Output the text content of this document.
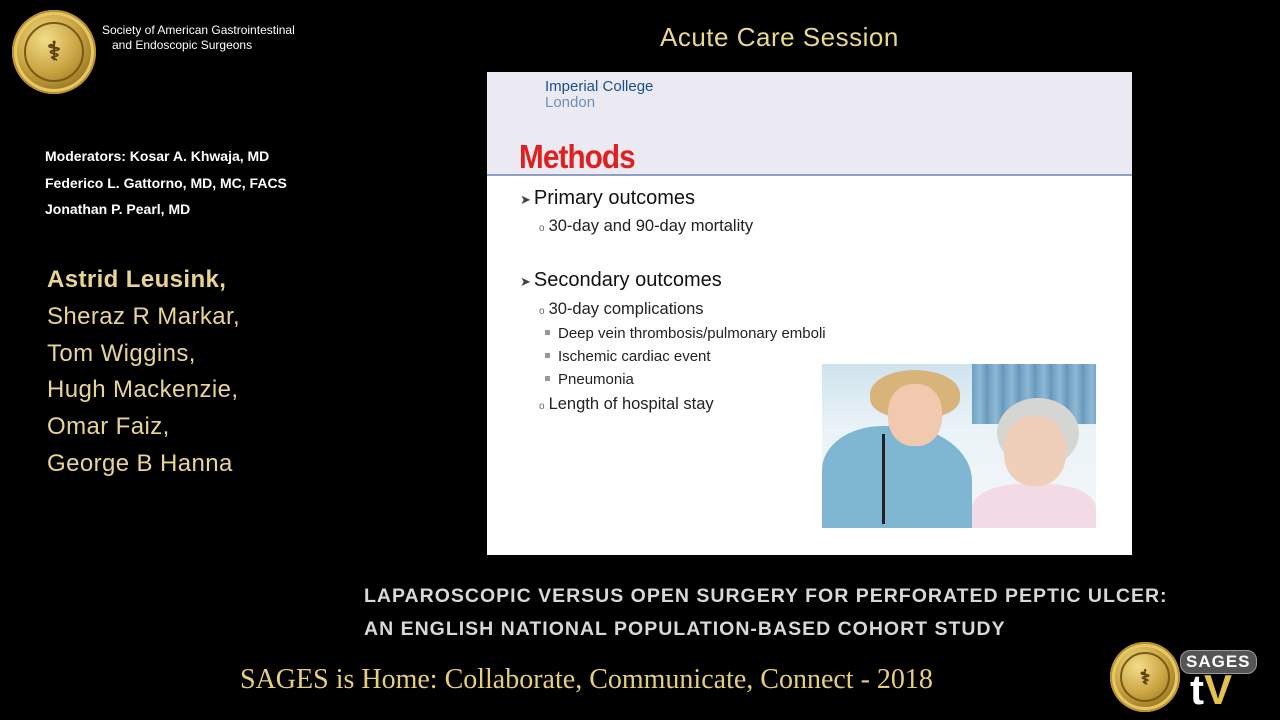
⚕
Society of American Gastrointestinal
and Endoscopic Surgeons	Acute Care Session
Moderators: Kosar A. Khwaja, MD
Federico L. Gattorno, MD, MC, FACS
Jonathan P. Pearl, MD
Astrid Leusink,
Sheraz R Markar,
Tom Wiggins,
Hugh Mackenzie,
Omar Faiz,
George B Hanna
Imperial College
London
Methods
➤ Primary outcomes
o 30-day and 90-day mortality
➤ Secondary outcomes
o 30-day complications
Deep vein thrombosis/pulmonary emboli
Ischemic cardiac event
Pneumonia
o Length of hospital stay
LAPAROSCOPIC VERSUS OPEN SURGERY FOR PERFORATED PEPTIC ULCER:
AN ENGLISH NATIONAL POPULATION-BASED COHORT STUDY
SAGES is Home: Collaborate, Communicate, Connect - 2018	⚕
SAGES
tV
